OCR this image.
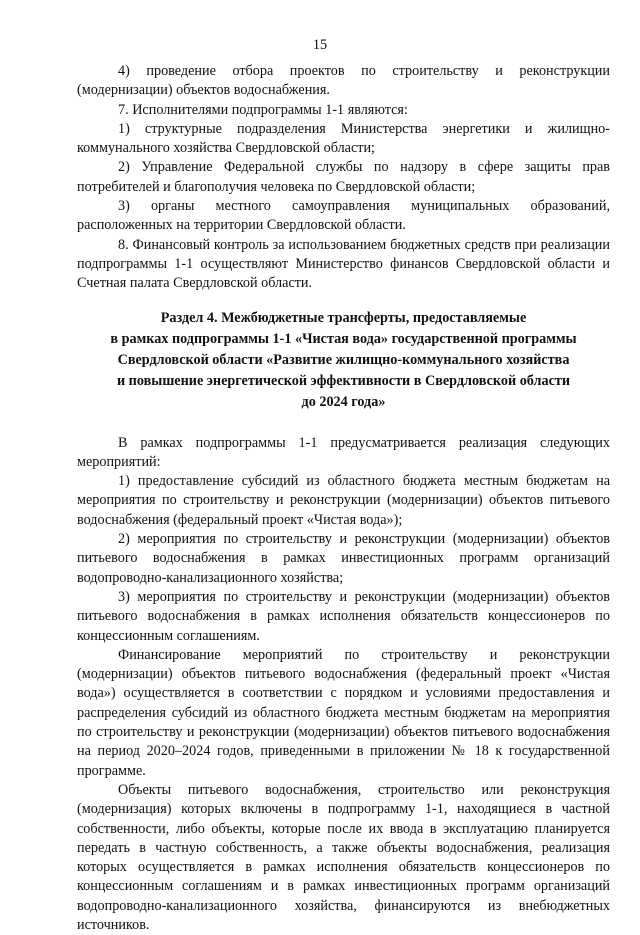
15

4) проведение отбора проектов по строительству и реконструкции (модернизации) объектов водоснабжения.

7. Исполнителями подпрограммы 1-1 являются:

1) структурные подразделения Министерства энергетики и жилищно-коммунального хозяйства Свердловской области;

2) Управление Федеральной службы по надзору в сфере защиты прав потребителей и благополучия человека по Свердловской области;

3) органы местного самоуправления муниципальных образований, расположенных на территории Свердловской области.

8. Финансовый контроль за использованием бюджетных средств при реализации подпрограммы 1-1 осуществляют Министерство финансов Свердловской области и Счетная палата Свердловской области.

Раздел 4. Межбюджетные трансферты, предоставляемые
в рамках подпрограммы 1-1 «Чистая вода» государственной программы
Свердловской области «Развитие жилищно-коммунального хозяйства
и повышение энергетической эффективности в Свердловской области
до 2024 года»

В рамках подпрограммы 1-1 предусматривается реализация следующих мероприятий:

1) предоставление субсидий из областного бюджета местным бюджетам на мероприятия по строительству и реконструкции (модернизации) объектов питьевого водоснабжения (федеральный проект «Чистая вода»);

2) мероприятия по строительству и реконструкции (модернизации) объектов питьевого водоснабжения в рамках инвестиционных программ организаций водопроводно-канализационного хозяйства;

3) мероприятия по строительству и реконструкции (модернизации) объектов питьевого водоснабжения в рамках исполнения обязательств концессионеров по концессионным соглашениям.

Финансирование мероприятий по строительству и реконструкции (модернизации) объектов питьевого водоснабжения (федеральный проект «Чистая вода») осуществляется в соответствии с порядком и условиями предоставления и распределения субсидий из областного бюджета местным бюджетам на мероприятия по строительству и реконструкции (модернизации) объектов питьевого водоснабжения на период 2020–2024 годов, приведенными в приложении № 18 к государственной программе.

Объекты питьевого водоснабжения, строительство или реконструкция (модернизация) которых включены в подпрограмму 1-1, находящиеся в частной собственности, либо объекты, которые после их ввода в эксплуатацию планируется передать в частную собственность, а также объекты водоснабжения, реализация которых осуществляется в рамках исполнения обязательств концессионеров по концессионным соглашениям и в рамках инвестиционных программ организаций водопроводно-канализационного хозяйства, финансируются из внебюджетных источников.
